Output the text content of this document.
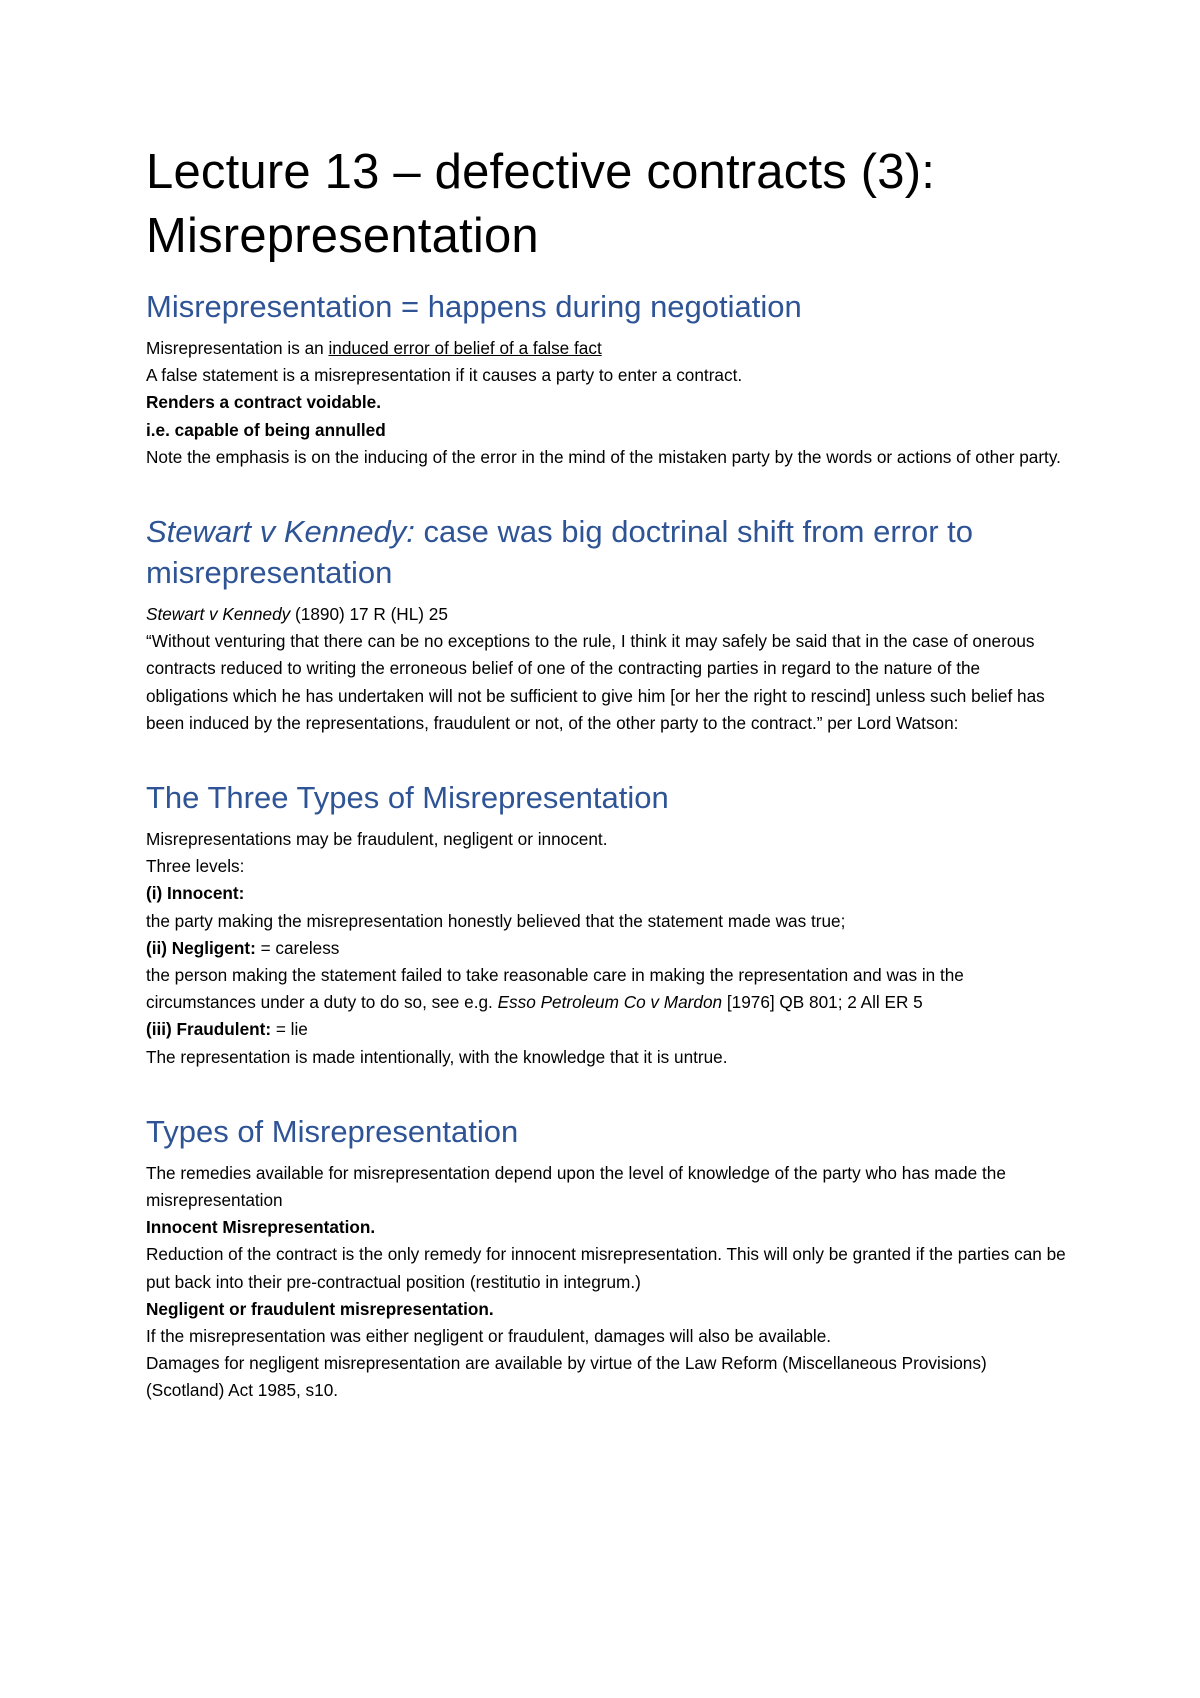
Lecture 13 – defective contracts (3): Misrepresentation
Misrepresentation = happens during negotiation

Misrepresentation is an induced error of belief of a false fact

A false statement is a misrepresentation if it causes a party to enter a contract.

Renders a contract voidable.

i.e. capable of being annulled

Note the emphasis is on the inducing of the error in the mind of the mistaken party by the words or actions of other party.

Stewart v Kennedy: case was big doctrinal shift from error to misrepresentation

Stewart v Kennedy (1890) 17 R (HL) 25

“Without venturing that there can be no exceptions to the rule, I think it may safely be said that in the case of onerous contracts reduced to writing the erroneous belief of one of the contracting parties in regard to the nature of the obligations which he has undertaken will not be sufficient to give him [or her the right to rescind] unless such belief has been induced by the representations, fraudulent or not, of the other party to the contract.” per Lord Watson:

The Three Types of Misrepresentation

Misrepresentations may be fraudulent, negligent or innocent.

Three levels:

(i) Innocent:

the party making the misrepresentation honestly believed that the statement made was true;

(ii) Negligent: = careless

the person making the statement failed to take reasonable care in making the representation and was in the circumstances under a duty to do so, see e.g. Esso Petroleum Co v Mardon [1976] QB 801; 2 All ER 5

(iii) Fraudulent: = lie

The representation is made intentionally, with the knowledge that it is untrue.

Types of Misrepresentation

The remedies available for misrepresentation depend upon the level of knowledge of the party who has made the misrepresentation

Innocent Misrepresentation.

Reduction of the contract is the only remedy for innocent misrepresentation. This will only be granted if the parties can be put back into their pre-contractual position (restitutio in integrum.)

Negligent or fraudulent misrepresentation.

If the misrepresentation was either negligent or fraudulent, damages will also be available.

Damages for negligent misrepresentation are available by virtue of the Law Reform (Miscellaneous Provisions) (Scotland) Act 1985, s10.
